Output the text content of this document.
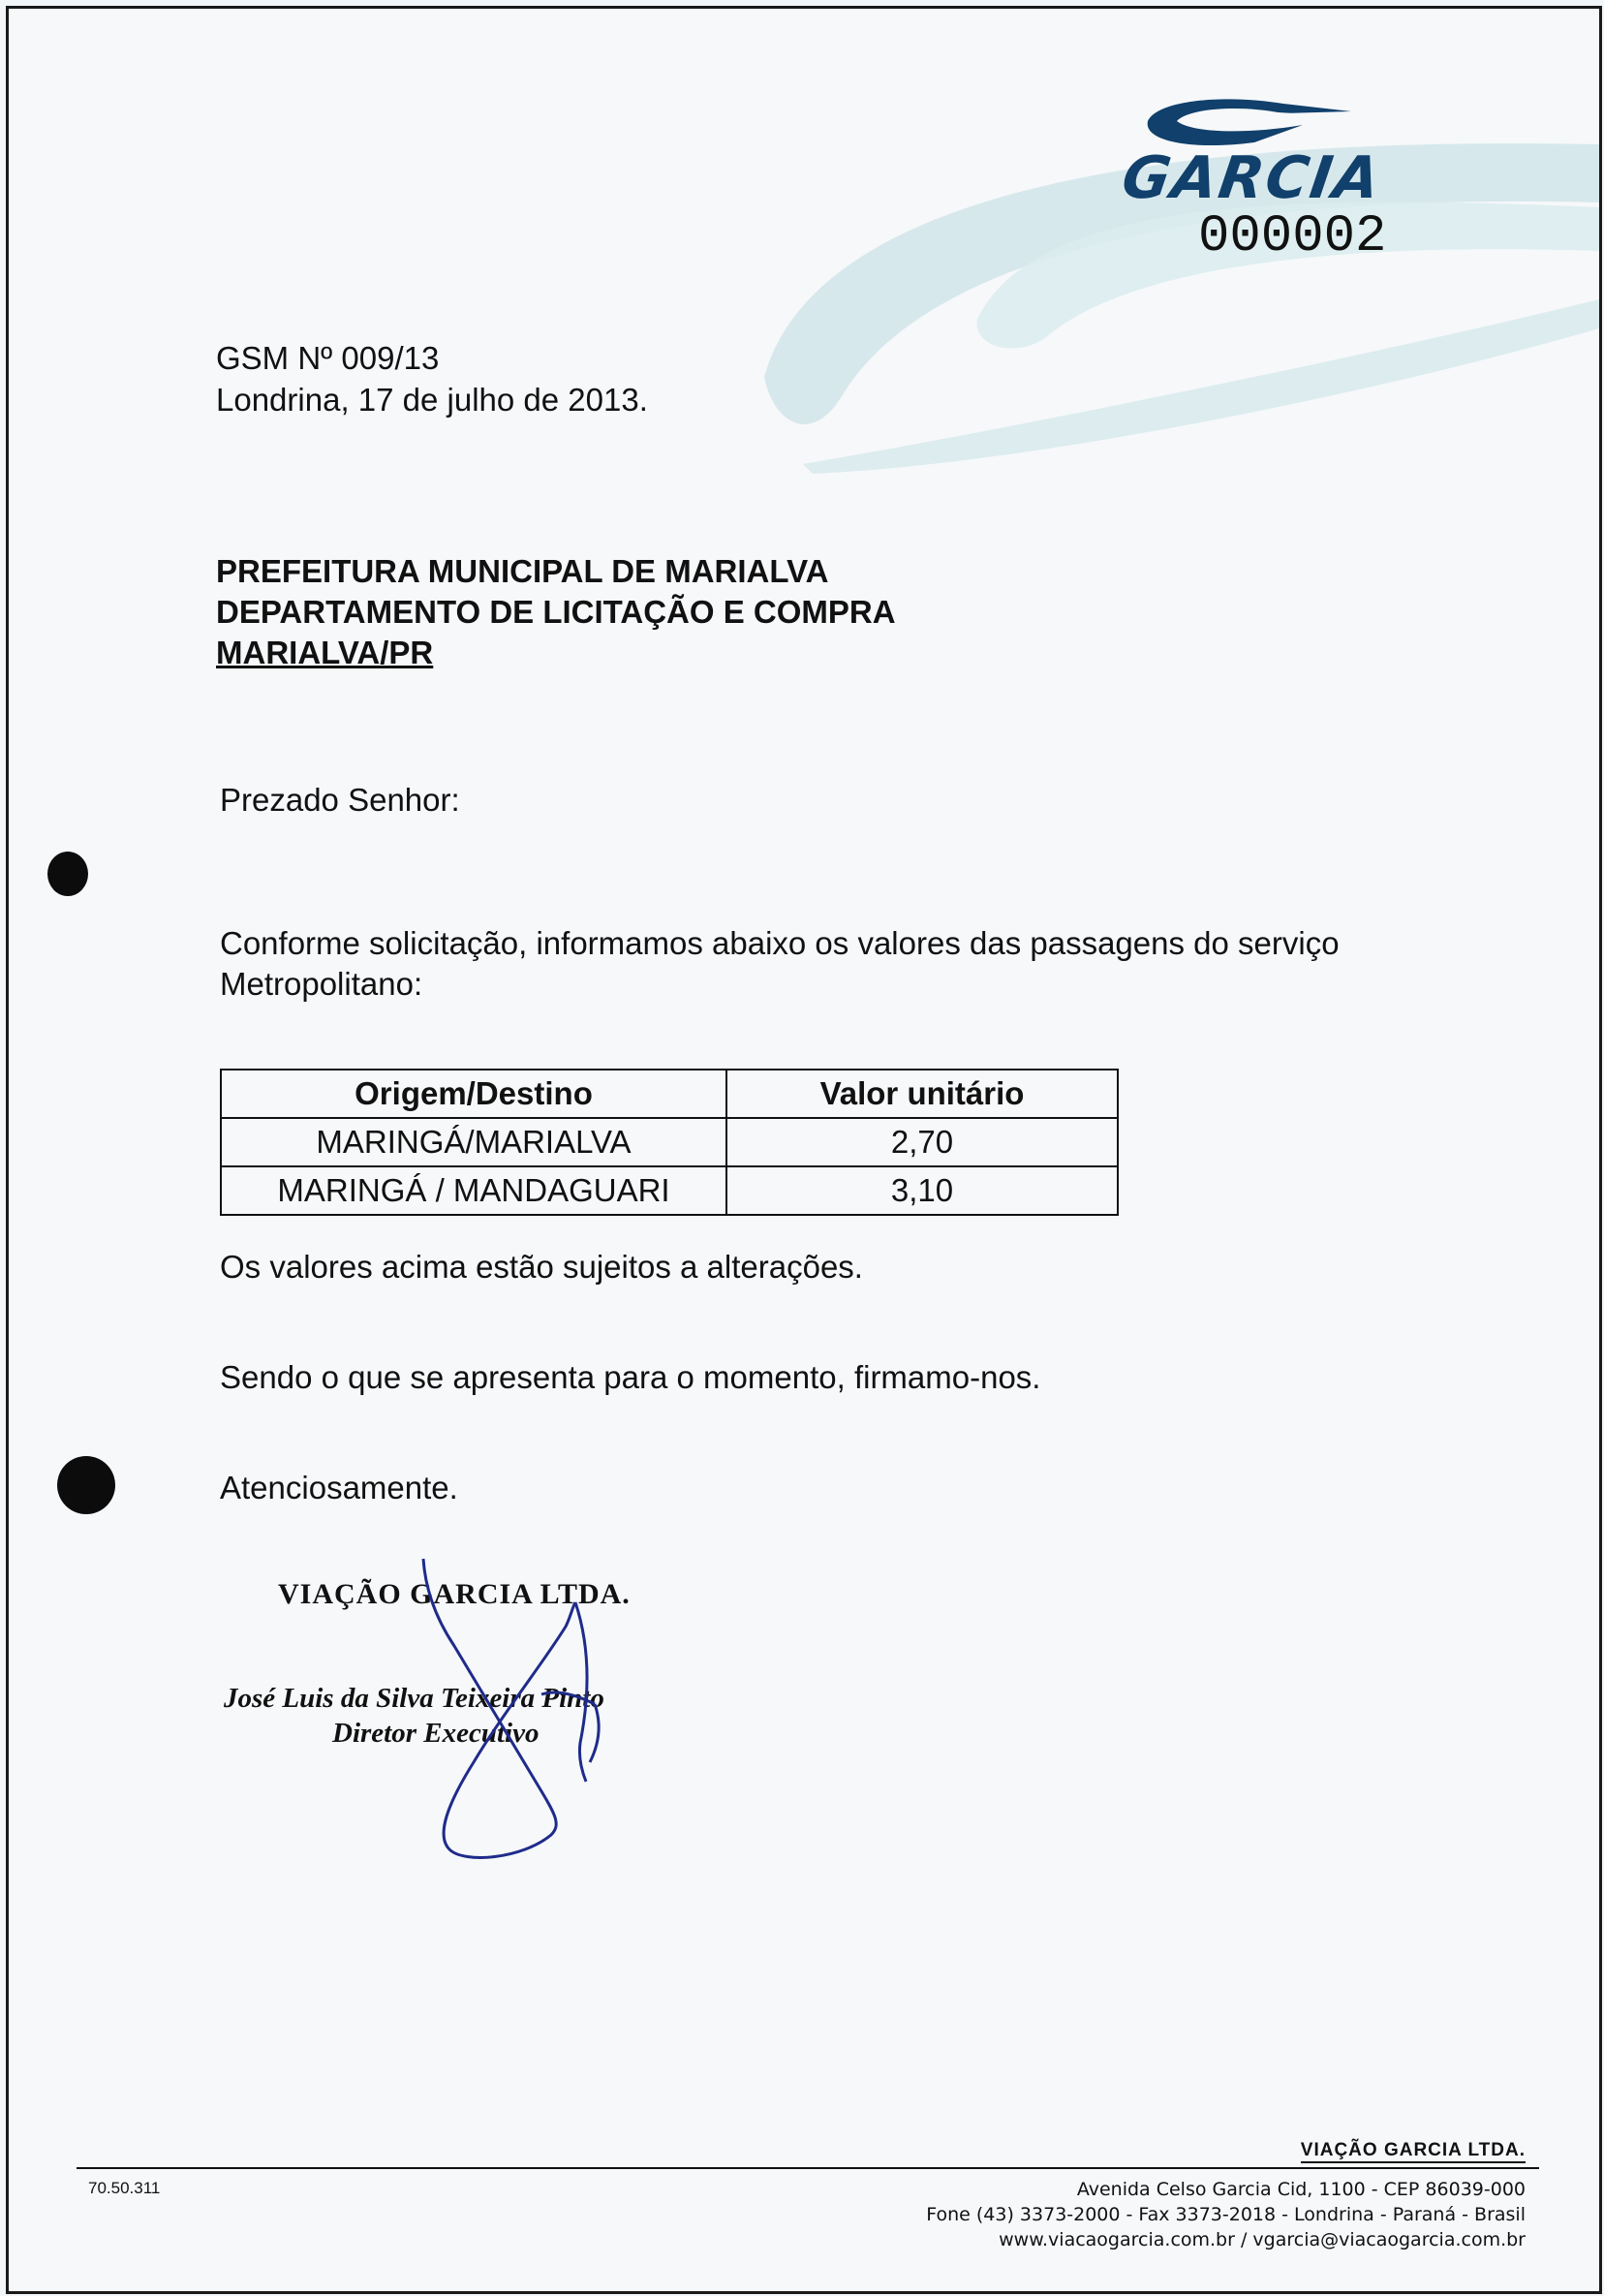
GARCIA
000002
GSM Nº 009/13
Londrina, 17 de julho de 2013.
PREFEITURA MUNICIPAL DE MARIALVA
DEPARTAMENTO DE LICITAÇÃO E COMPRA
MARIALVA/PR
Prezado Senhor:
Conforme solicitação, informamos abaixo os valores das passagens do serviço
Metropolitano:
Origem/Destino	Valor unitário
MARINGÁ/MARIALVA	2,70
MARINGÁ / MANDAGUARI	3,10
Os valores acima estão sujeitos a alterações.
Sendo o que se apresenta para o momento, firmamo-nos.
Atenciosamente.
VIAÇÃO GARCIA LTDA.
José Luis da Silva Teixeira Pinto
Diretor Executivo
VIAÇÃO GARCIA LTDA.
70.50.311	Avenida Celso Garcia Cid, 1100 - CEP 86039-000
Fone (43) 3373-2000 - Fax 3373-2018 - Londrina - Paraná - Brasil
www.viacaogarcia.com.br / vgarcia@viacaogarcia.com.br
